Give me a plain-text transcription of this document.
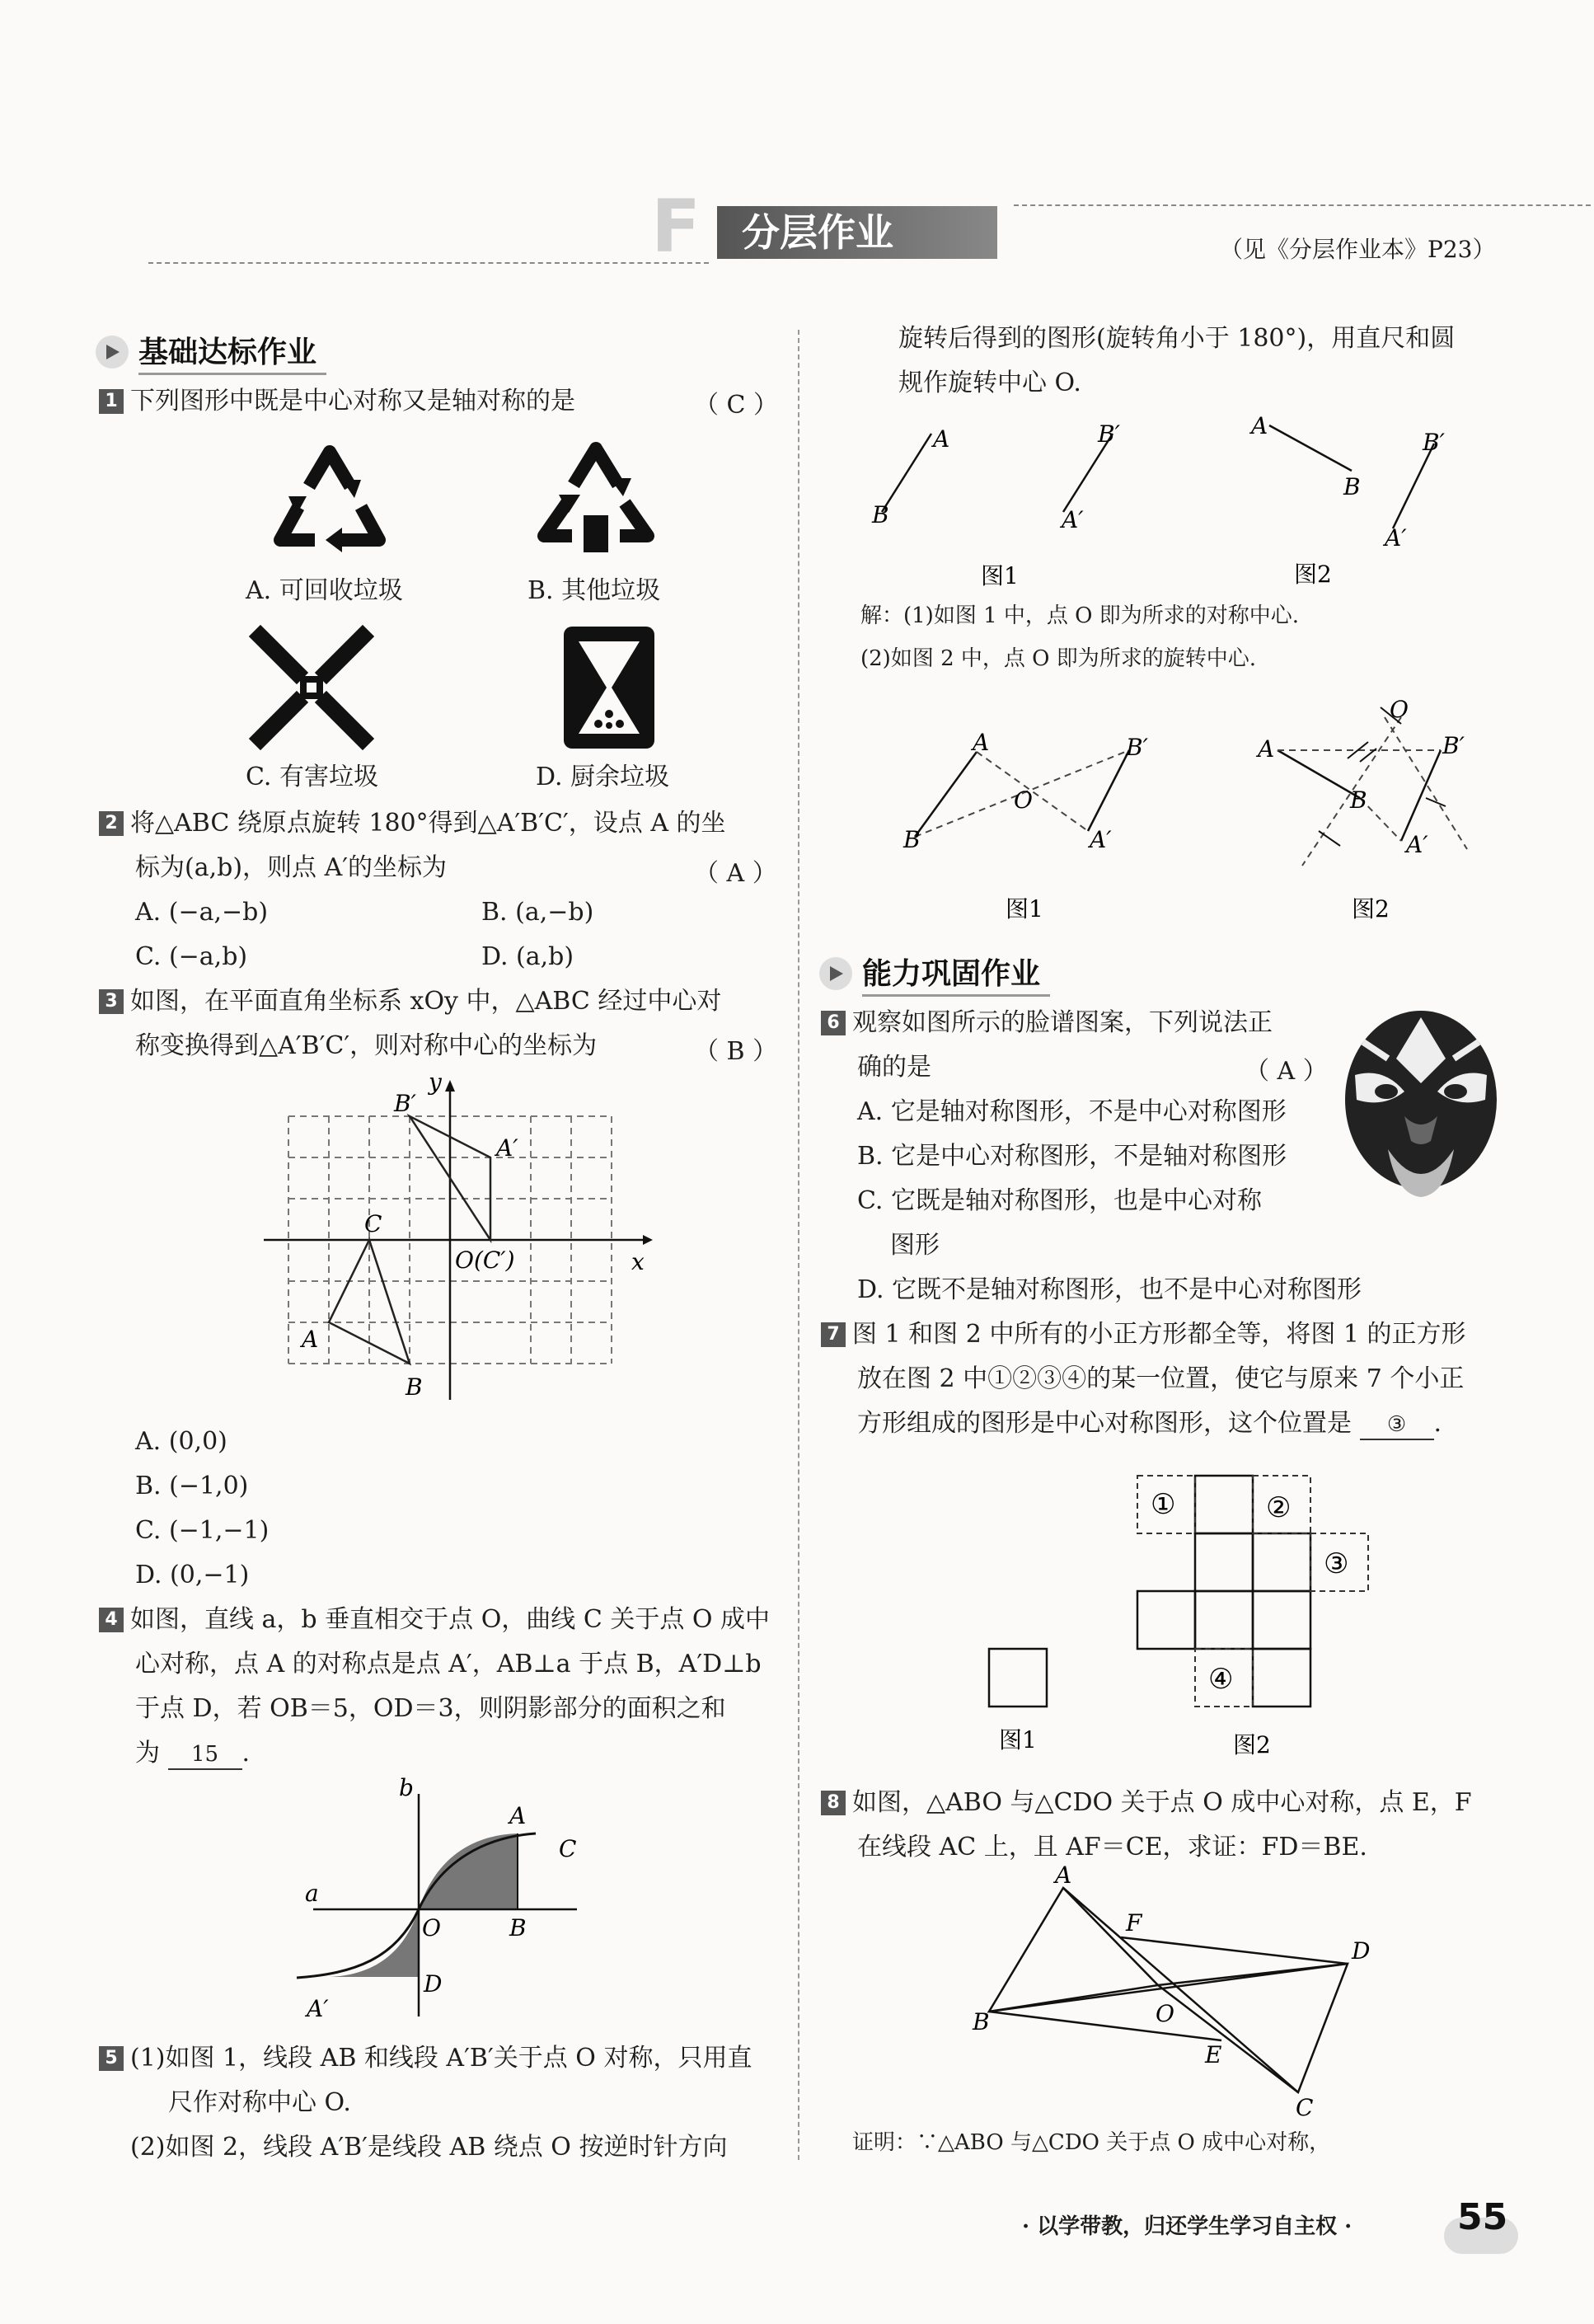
F	分层作业	（见《分层作业本》P23）
基础达标作业
1 下列图形中既是中心对称又是轴对称的是	（ C ）
A. 可回收垃圾	B. 其他垃圾
C. 有害垃圾	D. 厨余垃圾
2 将△ABC 绕原点旋转 180°得到△A′B′C′，设点 A 的坐
标为(a,b)，则点 A′的坐标为	（ A ）
A. (−a,−b)	B. (a,−b)
C. (−a,b)	D. (a,b)
3 如图，在平面直角坐标系 xOy 中，△ABC 经过中心对
称变换得到△A′B′C′，则对称中心的坐标为	（ B ）
B′
A′
C
O(C′)	x
y
A
B
A. (0,0)
B. (−1,0)
C. (−1,−1)
D. (0,−1)
4 如图，直线 a，b 垂直相交于点 O，曲线 C 关于点 O 成中
心对称，点 A 的对称点是点 A′，AB⊥a 于点 B，A′D⊥b
于点 D，若 OB＝5，OD＝3，则阴影部分的面积之和
为 15 .
b
A
C
a
O	B
D
A′
5 (1)如图 1，线段 AB 和线段 A′B′关于点 O 对称，只用直
尺作对称中心 O.
(2)如图 2，线段 A′B′是线段 AB 绕点 O 按逆时针方向
旋转后得到的图形(旋转角小于 180°)，用直尺和圆
规作旋转中心 O.
A
B
B′
A′
A
B
B′
A′
图1	图2
解：(1)如图 1 中，点 O 即为所求的对称中心.
(2)如图 2 中，点 O 即为所求的旋转中心.
A
B
O
B′
A′
A
B
O
B′
A′
图1	图2
能力巩固作业
6 观察如图所示的脸谱图案，下列说法正
确的是	（ A ）
A. 它是轴对称图形，不是中心对称图形
B. 它是中心对称图形，不是轴对称图形
C. 它既是轴对称图形，也是中心对称
图形
D. 它既不是轴对称图形，也不是中心对称图形
7 图 1 和图 2 中所有的小正方形都全等，将图 1 的正方形
放在图 2 中①②③④的某一位置，使它与原来 7 个小正
方形组成的图形是中心对称图形，这个位置是 ③ .
①	②
③
④
图1	图2
8 如图，△ABO 与△CDO 关于点 O 成中心对称，点 E，F
在线段 AC 上，且 AF＝CE，求证：FD＝BE.
A
F
D
O
B
E
C
证明：∵△ABO 与△CDO 关于点 O 成中心对称，
· 以学带教，归还学生学习自主权 ·	55
